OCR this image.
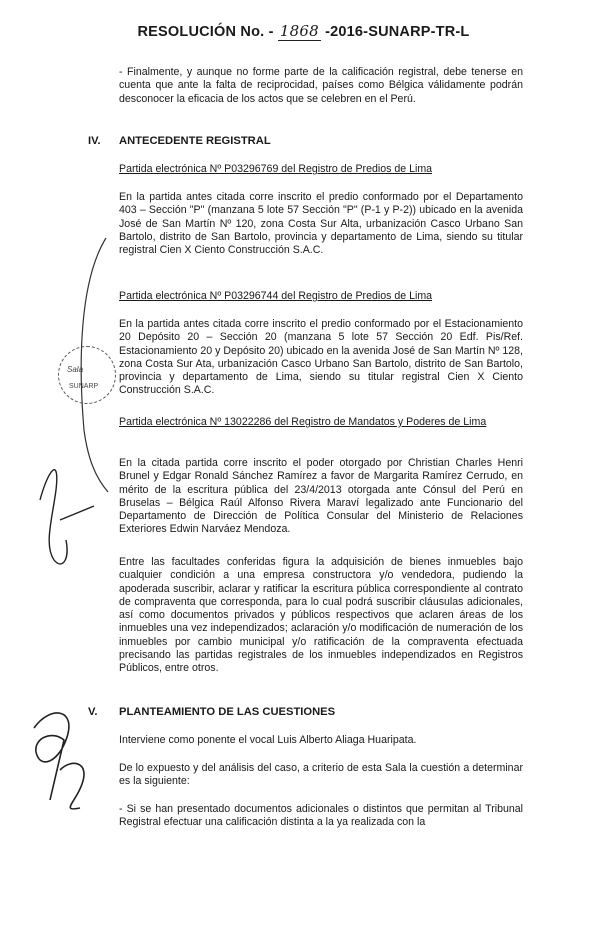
RESOLUCIÓN No. - 1868 -2016-SUNARP-TR-L

- Finalmente, y aunque no forme parte de la calificación registral, debe tenerse en cuenta que ante la falta de reciprocidad, países como Bélgica válidamente podrán desconocer la eficacia de los actos que se celebren en el Perú.

IV. ANTECEDENTE REGISTRAL

Partida electrónica Nº P03296769 del Registro de Predios de Lima

En la partida antes citada corre inscrito el predio conformado por el Departamento 403 – Sección "P" (manzana 5 lote 57 Sección "P" (P-1 y P-2)) ubicado en la avenida José de San Martín Nº 120, zona Costa Sur Alta, urbanización Casco Urbano San Bartolo, distrito de San Bartolo, provincia y departamento de Lima, siendo su titular registral Cien X Ciento Construcción S.A.C.

Partida electrónica Nº P03296744 del Registro de Predios de Lima

En la partida antes citada corre inscrito el predio conformado por el Estacionamiento 20 Depósito 20 – Sección 20 (manzana 5 lote 57 Sección 20 Edf. Pis/Ref. Estacionamiento 20 y Depósito 20) ubicado en la avenida José de San Martín Nº 128, zona Costa Sur Ata, urbanización Casco Urbano San Bartolo, distrito de San Bartolo, provincia y departamento de Lima, siendo su titular registral Cien X Ciento Construcción S.A.C.

Partida electrónica Nº 13022286 del Registro de Mandatos y Poderes de Lima

En la citada partida corre inscrito el poder otorgado por Christian Charles Henri Brunel y Edgar Ronald Sánchez Ramírez a favor de Margarita Ramírez Cerrudo, en mérito de la escritura pública del 23/4/2013 otorgada ante Cónsul del Perú en Bruselas – Bélgica Raúl Alfonso Rivera Maraví legalizado ante Funcionario del Departamento de Dirección de Política Consular del Ministerio de Relaciones Exteriores Edwin Narváez Mendoza.

Entre las facultades conferidas figura la adquisición de bienes inmuebles bajo cualquier condición a una empresa constructora y/o vendedora, pudiendo la apoderada suscribir, aclarar y ratificar la escritura pública correspondiente al contrato de compraventa que corresponda, para lo cual podrá suscribir cláusulas adicionales, así como documentos privados y públicos respectivos que aclaren áreas de los inmuebles una vez independizados; aclaración y/o modificación de numeración de los inmuebles por cambio municipal y/o ratificación de la compraventa efectuada precisando las partidas registrales de los inmuebles independizados en Registros Públicos, entre otros.

V. PLANTEAMIENTO DE LAS CUESTIONES

Interviene como ponente el vocal Luis Alberto Aliaga Huaripata.

De lo expuesto y del análisis del caso, a criterio de esta Sala la cuestión a determinar es la siguiente:

- Si se han presentado documentos adicionales o distintos que permitan al Tribunal Registral efectuar una calificación distinta a la ya realizada con la

Sala
SUNARP
